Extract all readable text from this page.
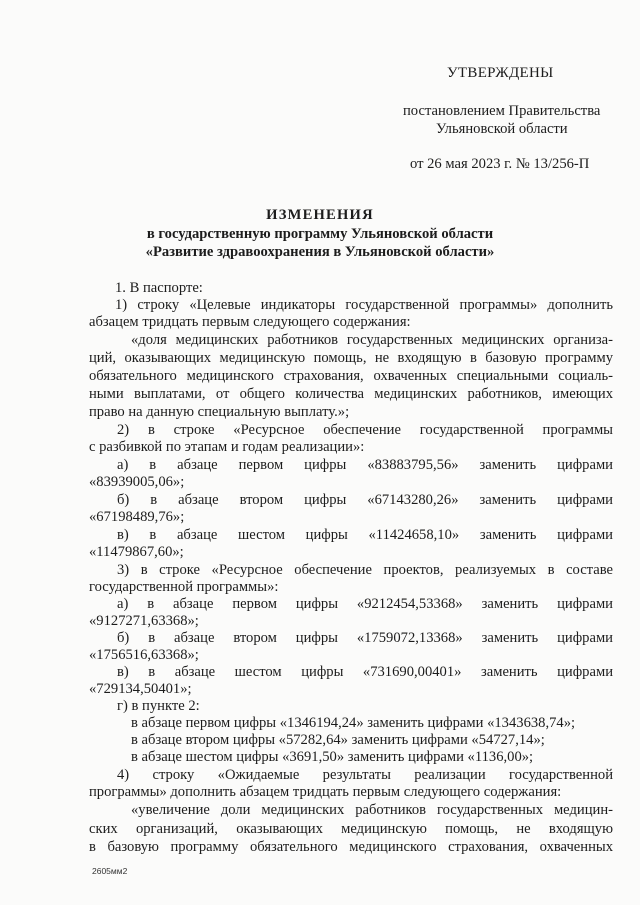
УТВЕРЖДЕНЫ
постановлением Правительства
Ульяновской области
от 26 мая 2023 г. № 13/256-П
ИЗМЕНЕНИЯ
в государственную программу Ульяновской области
«Развитие здравоохранения в Ульяновской области»
1. В паспорте:
1) строку «Целевые индикаторы государственной программы» дополнить
абзацем тридцать первым следующего содержания:
«доля медицинских работников государственных медицинских организа-
ций, оказывающих медицинскую помощь, не входящую в базовую программу
обязательного медицинского страхования, охваченных специальными социаль-
ными выплатами, от общего количества медицинских работников, имеющих
право на данную специальную выплату.»;
2) в строке «Ресурсное обеспечение государственной программы
с разбивкой по этапам и годам реализации»:
а) в абзаце первом цифры «83883795,56» заменить цифрами
«83939005,06»;
б) в абзаце втором цифры «67143280,26» заменить цифрами
«67198489,76»;
в) в абзаце шестом цифры «11424658,10» заменить цифрами
«11479867,60»;
3) в строке «Ресурсное обеспечение проектов, реализуемых в составе
государственной программы»:
а) в абзаце первом цифры «9212454,53368» заменить цифрами
«9127271,63368»;
б) в абзаце втором цифры «1759072,13368» заменить цифрами
«1756516,63368»;
в) в абзаце шестом цифры «731690,00401» заменить цифрами
«729134,50401»;
г) в пункте 2:
в абзаце первом цифры «1346194,24» заменить цифрами «1343638,74»;
в абзаце втором цифры «57282,64» заменить цифрами «54727,14»;
в абзаце шестом цифры «3691,50» заменить цифрами «1136,00»;
4) строку «Ожидаемые результаты реализации государственной
программы» дополнить абзацем тридцать первым следующего содержания:
«увеличение доли медицинских работников государственных медицин-
ских организаций, оказывающих медицинскую помощь, не входящую
в базовую программу обязательного медицинского страхования, охваченных
2605мм2
